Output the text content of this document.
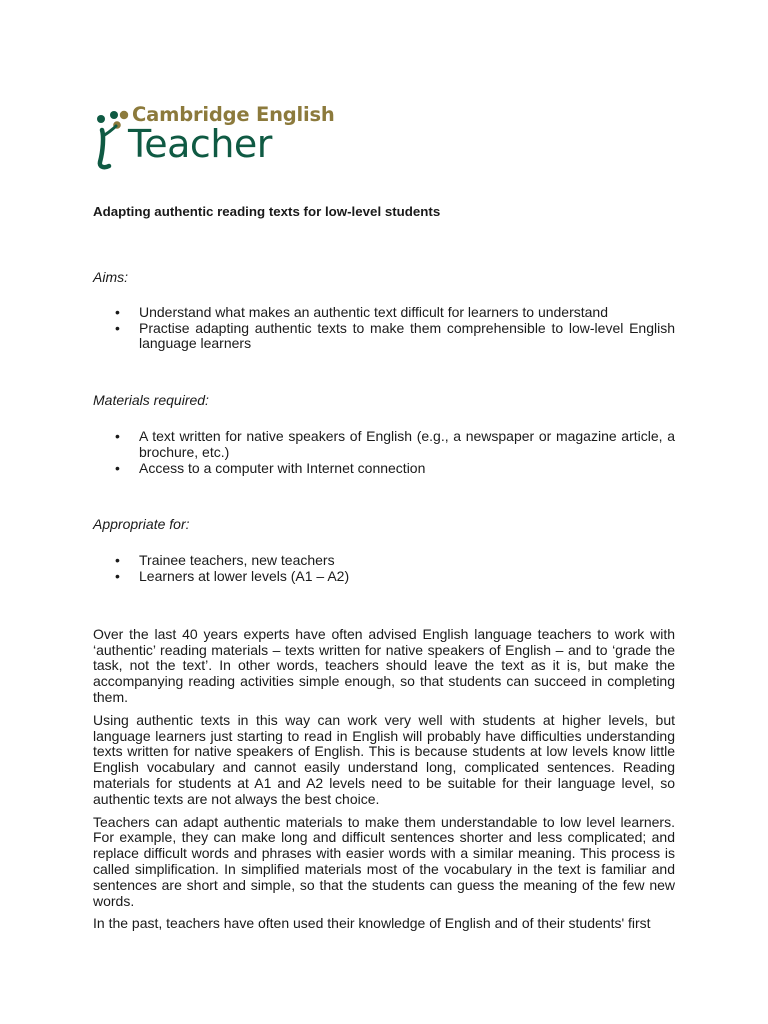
Cambridge English
Teacher

Adapting authentic reading texts for low-level students

Aims:

• Understand what makes an authentic text difficult for learners to understand
• Practise adapting authentic texts to make them comprehensible to low-level English language learners

Materials required:

• A text written for native speakers of English (e.g., a newspaper or magazine article, a brochure, etc.)
• Access to a computer with Internet connection

Appropriate for:

• Trainee teachers, new teachers
• Learners at lower levels (A1 – A2)

Over the last 40 years experts have often advised English language teachers to work with ‘authentic’ reading materials – texts written for native speakers of English – and to ‘grade the task, not the text’. In other words, teachers should leave the text as it is, but make the accompanying reading activities simple enough, so that students can succeed in completing them.

Using authentic texts in this way can work very well with students at higher levels, but language learners just starting to read in English will probably have difficulties understanding texts written for native speakers of English. This is because students at low levels know little English vocabulary and cannot easily understand long, complicated sentences. Reading materials for students at A1 and A2 levels need to be suitable for their language level, so authentic texts are not always the best choice.

Teachers can adapt authentic materials to make them understandable to low level learners. For example, they can make long and difficult sentences shorter and less complicated; and replace difficult words and phrases with easier words with a similar meaning. This process is called simplification. In simplified materials most of the vocabulary in the text is familiar and sentences are short and simple, so that the students can guess the meaning of the few new words.

In the past, teachers have often used their knowledge of English and of their students' first
